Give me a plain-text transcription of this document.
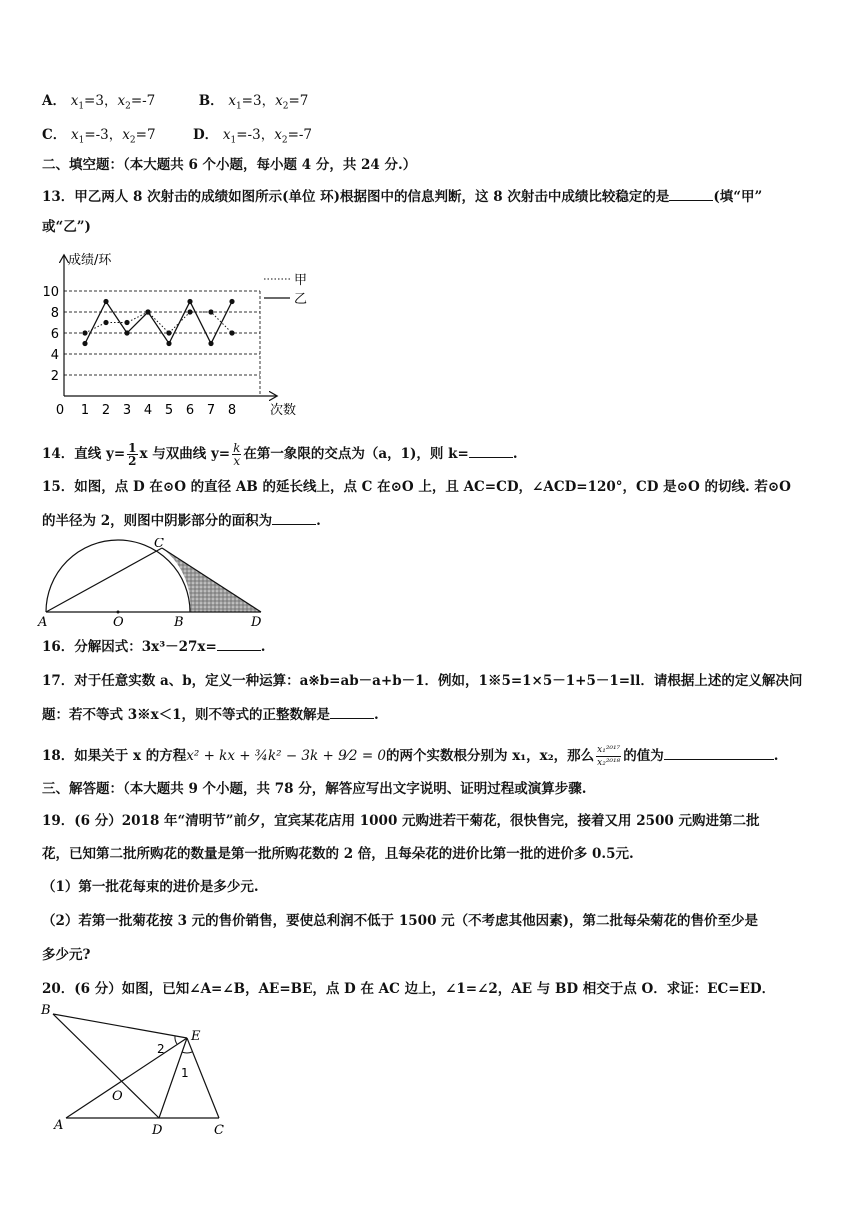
A． $x_1=3$，$x_2=-7$	B． $x_1=3$，$x_2=7$
C． $x_1=-3$，$x_2=7$	D． $x_1=-3$，$x_2=-7$
二、填空题：（本大题共 6 个小题，每小题 4 分，共 24 分.）
13．甲乙两人 8 次射击的成绩如图所示(单位 环)根据图中的信息判断，这 8 次射击中成绩比较稳定的是	(填“甲”
或“乙”)
成绩/环
次数
2
4
6
8
10
0 1 2 3 4 5 6 7 8
甲
乙
14．直线 $y= \frac{1}{2}$ x 与双曲线 $y= \frac{k}{x}$ 在第一象限的交点为（a，1)，则 k=	.
15．如图，点 D 在⊙O 的直径 AB 的延长线上，点 C 在⊙O 上，且 AC=CD，∠ACD=120°，CD 是⊙O 的切线. 若⊙O
的半径为 2，则图中阴影部分的面积为	.
A	O	B	D
C
16．分解因式：3x³－27x=	.
17．对于任意实数 a、b，定义一种运算：a※b=ab－a+b－1．例如，1※5=1×5－1+5－1=ll．请根据上述的定义解决问
题：若不等式 3※x＜1，则不等式的正整数解是	.
18．如果关于 x 的方程x² + kx + ¾k² − 3k + 9⁄2 = 0的两个实数根分别为 x₁，x₂，那么 $\frac{\text{x₁²⁰¹⁷}}{\text{x₂²⁰¹⁸}}$ 的值为	.
三、解答题：（本大题共 9 个小题，共 78 分，解答应写出文字说明、证明过程或演算步骤.
19．(6 分）2018 年“清明节”前夕，宜宾某花店用 1000 元购进若干菊花，很快售完，接着又用 2500 元购进第二批
花，已知第二批所购花的数量是第一批所购花数的 2 倍，且每朵花的进价比第一批的进价多 0.5元.
（1）第一批花每束的进价是多少元.
（2）若第一批菊花按 3 元的售价销售，要使总利润不低于 1500 元（不考虑其他因素)，第二批每朵菊花的售价至少是
多少元?
20．(6 分）如图，已知∠A=∠B，AE=BE，点 D 在 AC 边上，∠1=∠2，AE 与 BD 相交于点 O．求证：EC=ED．
B
E
2
1
O
A	D	C
